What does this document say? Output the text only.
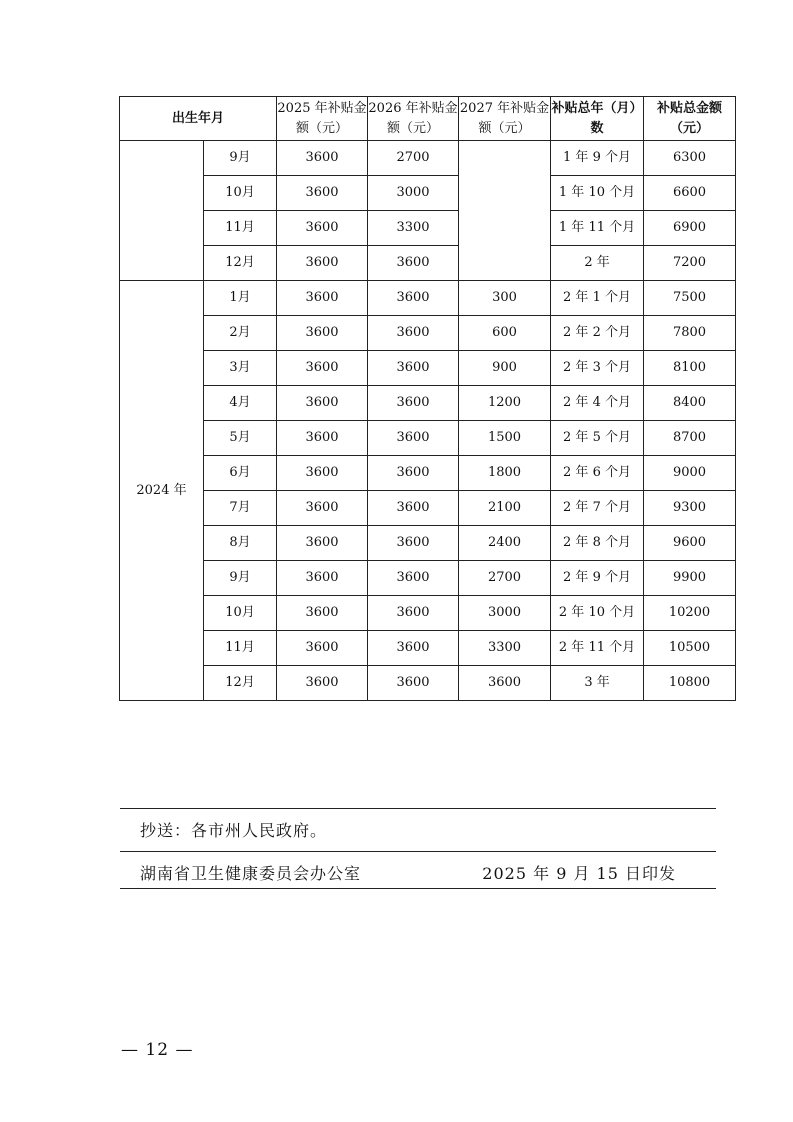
出生年月		2025 年补贴金额（元）	2026 年补贴金额（元）	2027 年补贴金额（元）	补贴总年（月）数	补贴总金额（元）
	9月	3600	2700		1 年 9 个月	6300
	10月	3600	3000		1 年 10 个月	6600
	11月	3600	3300		1 年 11 个月	6900
	12月	3600	3600		2 年	7200
2024 年	1月	3600	3600	300	2 年 1 个月	7500
	2月	3600	3600	600	2 年 2 个月	7800
	3月	3600	3600	900	2 年 3 个月	8100
	4月	3600	3600	1200	2 年 4 个月	8400
	5月	3600	3600	1500	2 年 5 个月	8700
	6月	3600	3600	1800	2 年 6 个月	9000
	7月	3600	3600	2100	2 年 7 个月	9300
	8月	3600	3600	2400	2 年 8 个月	9600
	9月	3600	3600	2700	2 年 9 个月	9900
	10月	3600	3600	3000	2 年 10 个月	10200
	11月	3600	3600	3300	2 年 11 个月	10500
	12月	3600	3600	3600	3 年	10800
抄送：各市州人民政府。
湖南省卫生健康委员会办公室	2025 年 9 月 15 日印发
— 12 —
